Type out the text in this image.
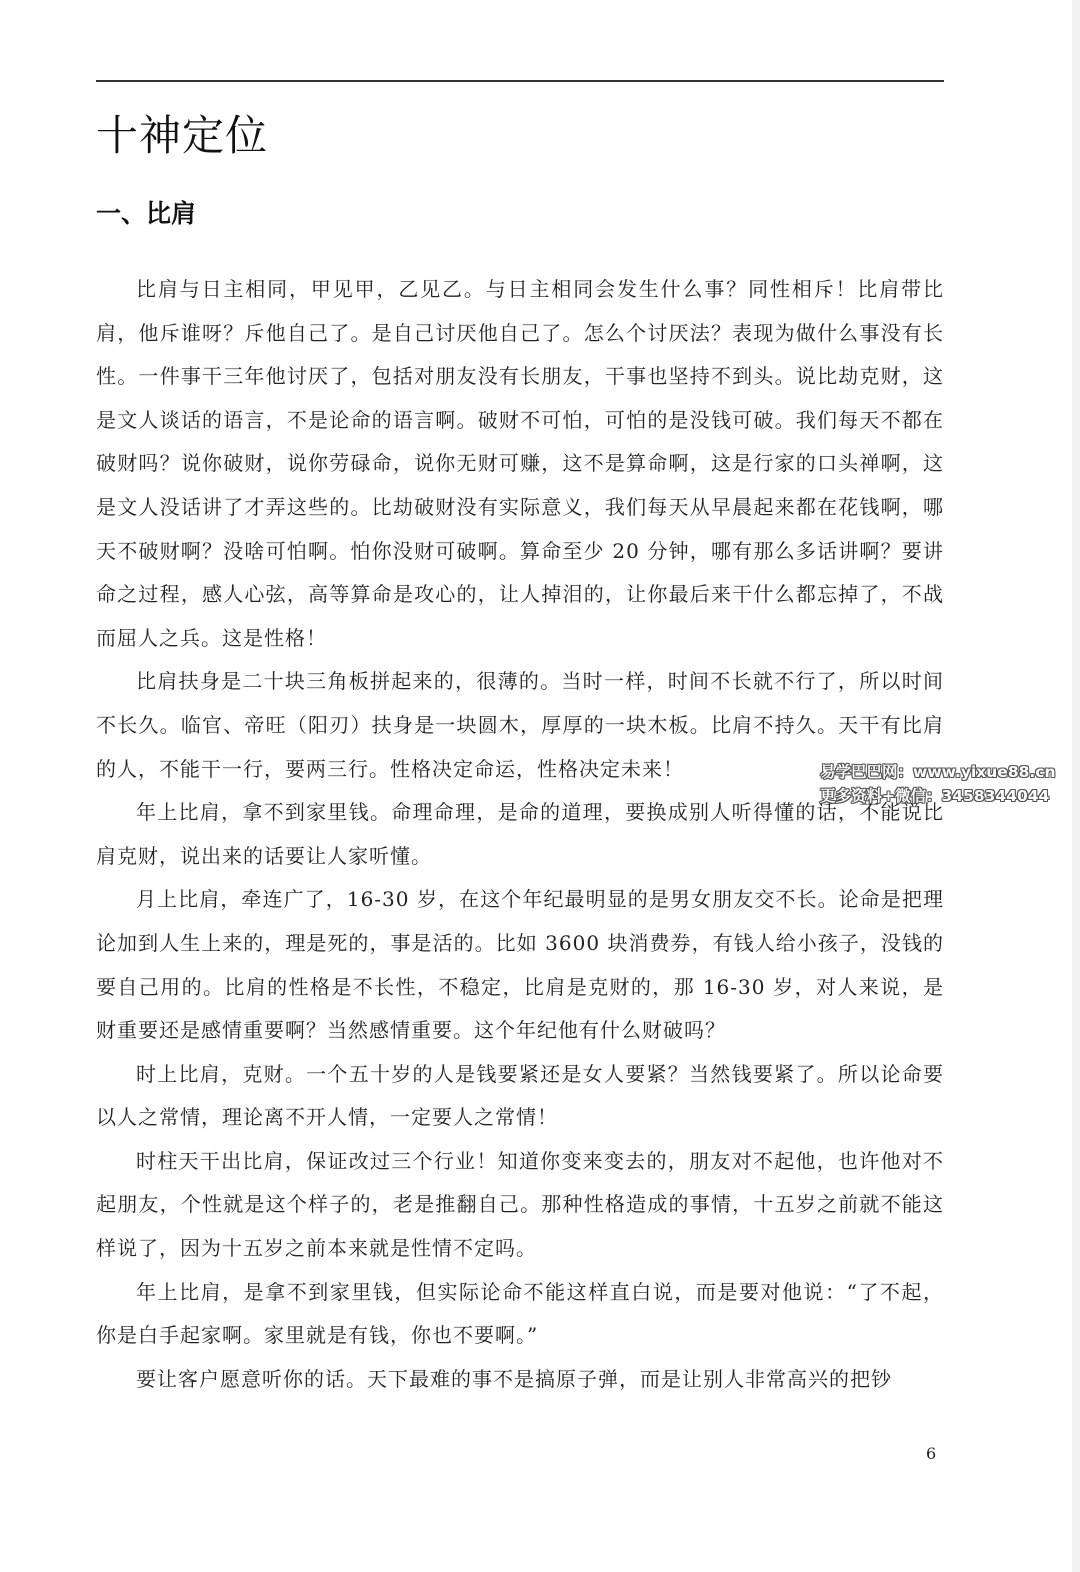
十神定位
一、比肩

比肩与日主相同，甲见甲，乙见乙。与日主相同会发生什么事？同性相斥！比肩带比肩，他斥谁呀？斥他自己了。是自己讨厌他自己了。怎么个讨厌法？表现为做什么事没有长性。一件事干三年他讨厌了，包括对朋友没有长朋友，干事也坚持不到头。说比劫克财，这是文人谈话的语言，不是论命的语言啊。破财不可怕，可怕的是没钱可破。我们每天不都在破财吗？说你破财，说你劳碌命，说你无财可赚，这不是算命啊，这是行家的口头禅啊，这是文人没话讲了才弄这些的。比劫破财没有实际意义，我们每天从早晨起来都在花钱啊，哪天不破财啊？没啥可怕啊。怕你没财可破啊。算命至少 20 分钟，哪有那么多话讲啊？要讲命之过程，感人心弦，高等算命是攻心的，让人掉泪的，让你最后来干什么都忘掉了，不战而屈人之兵。这是性格！

比肩扶身是二十块三角板拼起来的，很薄的。当时一样，时间不长就不行了，所以时间不长久。临官、帝旺（阳刃）扶身是一块圆木，厚厚的一块木板。比肩不持久。天干有比肩的人，不能干一行，要两三行。性格决定命运，性格决定未来！

年上比肩，拿不到家里钱。命理命理，是命的道理，要换成别人听得懂的话，不能说比肩克财，说出来的话要让人家听懂。

月上比肩，牵连广了，16-30 岁，在这个年纪最明显的是男女朋友交不长。论命是把理论加到人生上来的，理是死的，事是活的。比如 3600 块消费券，有钱人给小孩子，没钱的要自己用的。比肩的性格是不长性，不稳定，比肩是克财的，那 16-30 岁，对人来说，是财重要还是感情重要啊？当然感情重要。这个年纪他有什么财破吗？

时上比肩，克财。一个五十岁的人是钱要紧还是女人要紧？当然钱要紧了。所以论命要以人之常情，理论离不开人情，一定要人之常情！

时柱天干出比肩，保证改过三个行业！知道你变来变去的，朋友对不起他，也许他对不起朋友，个性就是这个样子的，老是推翻自己。那种性格造成的事情，十五岁之前就不能这样说了，因为十五岁之前本来就是性情不定吗。

年上比肩，是拿不到家里钱，但实际论命不能这样直白说，而是要对他说：“了不起，你是白手起家啊。家里就是有钱，你也不要啊。”

要让客户愿意听你的话。天下最难的事不是搞原子弹，而是让别人非常高兴的把钞

易学巴巴网：www.yixue88.cn
更多资料+微信：3458344044
6
